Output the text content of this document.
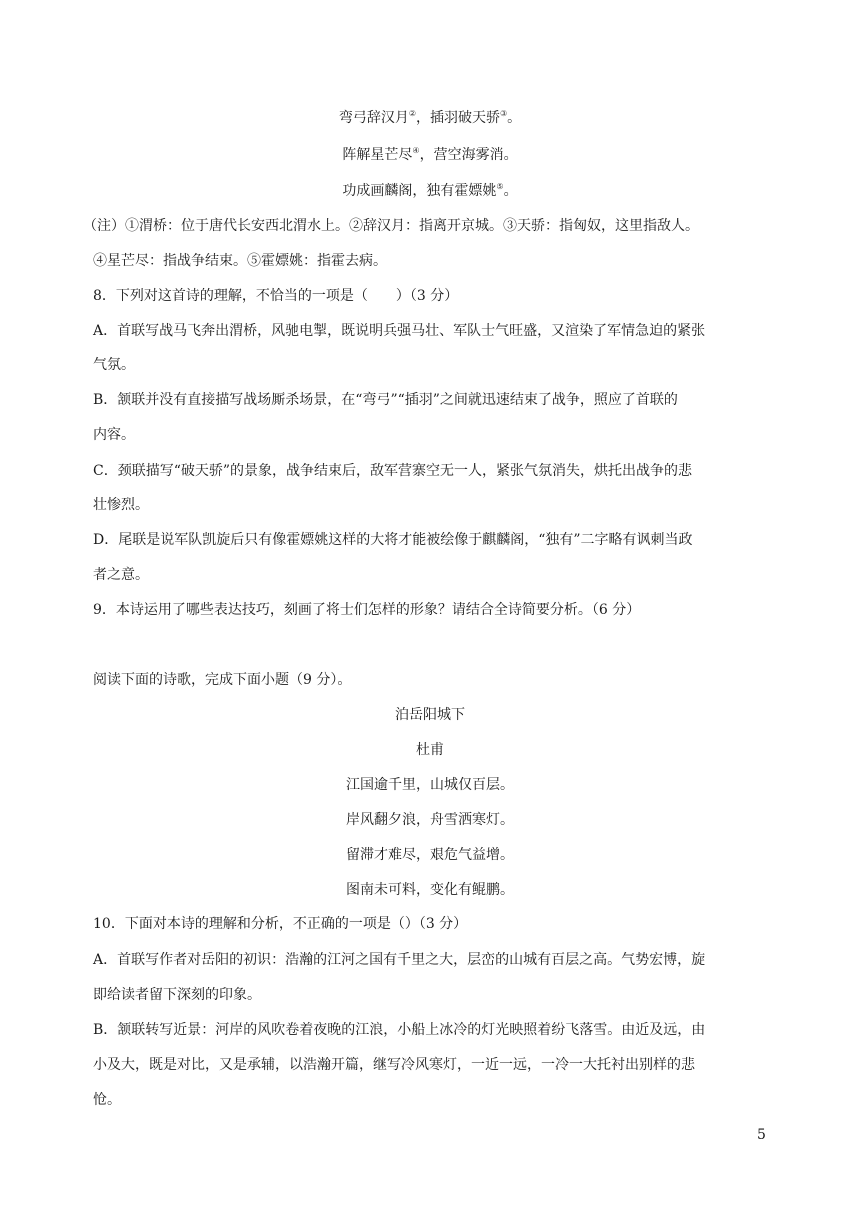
弯弓辞汉月②，插羽破天骄③。
阵解星芒尽④，营空海雾消。
功成画麟阁，独有霍嫖姚⑤。
（注）①渭桥：位于唐代长安西北渭水上。②辞汉月：指离开京城。③天骄：指匈奴，这里指敌人。
④星芒尽：指战争结束。⑤霍嫖姚：指霍去病。
8．下列对这首诗的理解，不恰当的一项是（　　）（3 分）
A．首联写战马飞奔出渭桥，风驰电掣，既说明兵强马壮、军队士气旺盛，又渲染了军情急迫的紧张
气氛。
B．颔联并没有直接描写战场厮杀场景，在“弯弓”“插羽”之间就迅速结束了战争，照应了首联的
内容。
C．颈联描写“破天骄”的景象，战争结束后，敌军营寨空无一人，紧张气氛消失，烘托出战争的悲
壮惨烈。
D．尾联是说军队凯旋后只有像霍嫖姚这样的大将才能被绘像于麒麟阁，“独有”二字略有讽刺当政
者之意。
9．本诗运用了哪些表达技巧，刻画了将士们怎样的形象？请结合全诗简要分析。（6 分）
阅读下面的诗歌，完成下面小题（9 分）。
泊岳阳城下
杜甫
江国逾千里，山城仅百层。
岸风翻夕浪，舟雪洒寒灯。
留滞才难尽，艰危气益增。
图南未可料，变化有鲲鹏。
10．下面对本诗的理解和分析，不正确的一项是（）（3 分）
A．首联写作者对岳阳的初识：浩瀚的江河之国有千里之大，层峦的山城有百层之高。气势宏博，旋
即给读者留下深刻的印象。
B．颔联转写近景：河岸的风吹卷着夜晚的江浪，小船上冰冷的灯光映照着纷飞落雪。由近及远，由
小及大，既是对比，又是承辅，以浩瀚开篇，继写冷风寒灯，一近一远，一冷一大托衬出别样的悲
怆。
5
